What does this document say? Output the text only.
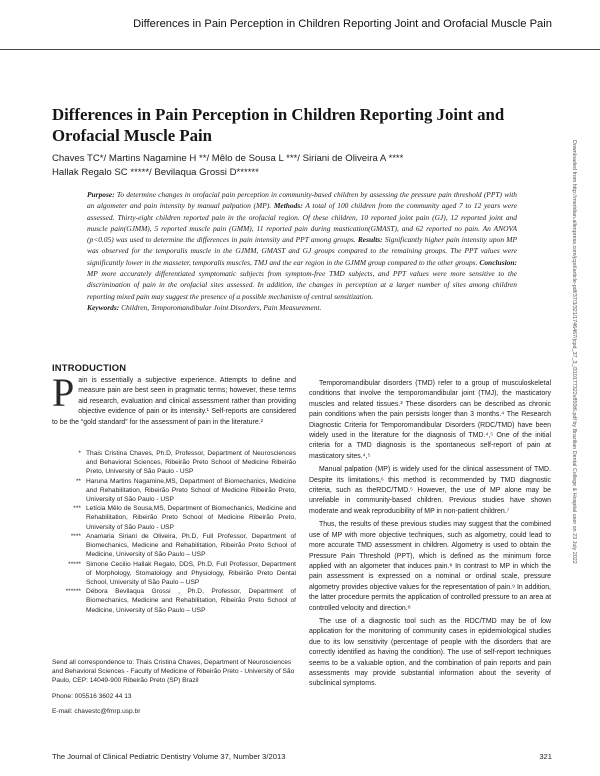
Differences in Pain Perception in Children Reporting Joint and Orofacial Muscle Pain
Differences in Pain Perception in Children Reporting Joint and Orofacial Muscle Pain
Chaves TC*/ Martins Nagamine H **/ Mêlo de Sousa L ***/ Siriani de Oliveira A ****
Hallak Regalo SC *****/ Bevilaqua Grossi D******
Purpose: To determine changes in orofacial pain perception in community-based children by assessing the pressure pain threshold (PPT) with an algometer and pain intensity by manual palpation (MP). Methods: A total of 100 children from the community aged 7 to 12 years were assessed. Thirty-eight children reported pain in the orofacial region. Of these children, 10 reported joint pain (GJ), 12 reported joint and muscle pain(GJMM), 5 reported muscle pain (GMM), 11 reported pain during mastication(GMAST), and 62 reported no pain. An ANOVA (p<0.05) was used to determine the differences in pain intensity and PPT among groups. Results: Significantly higher pain intensity upon MP was observed for the temporalis muscle in the GJMM, GMAST and GJ groups compared to the remaining groups. The PPT values were significantly lower in the masseter, temporalis muscles, TMJ and the ear region in the GJMM group compared to the other groups. Conclusion: MP more accurately differentiated symptomatic subjects from symptom-free TMD subjects, and PPT values were more sensitive to the discrimination of pain in the orofacial sites assessed. In addition, the changes in perception at a larger number of sites among children reporting mixed pain may suggest the presence of a possible mechanism of central sensitization.
Keywords: Children, Temporomandibular Joint Disorders, Pain Measurement.	Downloaded from http://meridian.allenpress.com/jcpd/article-pdf/37/3/321/1746467/jcpd_37_3_l310177322v850t6.pdf by Brazilian Dental College & Hospital user on 23 July 2022
INTRODUCTION
P ain is essentially a subjective experience. Attempts to define and measure pain are best seen in pragmatic terms; however, these terms aid research, evaluation and clinical assessment rather than providing objective evidence of pain or its intensity.¹ Self-reports are considered to be the “gold standard” for the assessment of pain in the literature.²
* Thais Cristina Chaves, Ph.D, Professor, Department of Neurosciences and Behavioral Sciences, Ribeirão Preto School of Medicine Ribeirão Preto, University of São Paulo - USP
** Haruna Martins Nagamine,MS, Department of Biomechanics, Medicine and Rehabilitation, Ribeirão Preto School of Medicine Ribeirão Preto, University of São Paulo - USP
*** Letícia Mêlo de Sousa,MS, Department of Biomechanics, Medicine and Rehabilitation, Ribeirão Preto School of Medicine Ribeirão Preto, University of São Paulo - USP
**** Anamaria Siriani de Oliveira, Ph.D, Full Professor, Department of Biomechanics, Medicine and Rehabilitation, Ribeirão Preto School of Medicine, University of São Paulo – USP
***** Simone Cecilio Hallak Regalo, DDS, Ph.D, Full Professor, Department of Morphology, Stomatology and Physiology, Ribeirão Preto Dental School, University of São Paulo – USP
****** Débora Bevilaqua Grossi , Ph.D, Professor, Department of Biomechanics, Medicine and Rehabilitation, Ribeirão Preto School of Medicine, University of São Paulo – USP
Send all correspondence to: Thais Cristina Chaves, Department of Neurosciences and Behavioral Sciences - Faculty of Medicine of Ribeirão Preto - University of São Paulo, CEP: 14049-900 Ribeirão Preto (SP) Brazil
Phone: 005516 3602 44 13
E-mail: chavestc@fmrp.usp.br

Temporomandibular disorders (TMD) refer to a group of musculoskeletal conditions that involve the temporomandibular joint (TMJ), the masticatory muscles and related tissues.³ These disorders can be described as chronic pain conditions when the pain persists longer than 3 months.⁴ The Research Diagnostic Criteria for Temporomandibular Disorders (RDC/TMD) have been widely used in the literature for the diagnosis of TMD.⁴,⁵ One of the initial criteria for a TMD diagnosis is the spontaneous self-report of pain at masticatory sites.⁴,⁵

Manual palpation (MP) is widely used for the clinical assessment of TMD. Despite its limitations,⁶ this method is recommended by TMD diagnostic criteria, such as theRDC/TMD.⁵ However, the use of MP alone may be unreliable in community-based children. Previous studies have shown moderate and weak reproducibility of MP in non-patient children.⁷

Thus, the results of these previous studies may suggest that the combined use of MP with more objective techniques, such as algometry, could lead to more accurate TMD assessment in children. Algometry is used to obtain the Pressure Pain Threshold (PPT), which is defined as the minimum force applied with an algometer that induces pain.⁸ In contrast to MP in which the pain assessment is expressed on a nominal or ordinal scale, pressure algometry provides objective values for the representation of pain.⁹ In addition, the latter procedure permits the application of controlled pressure to an area at controlled velocity and direction.⁸

The use of a diagnostic tool such as the RDC/TMD may be of low application for the monitoring of community cases in epidemiological studies due to its low sensitivity (percentage of people with the disorders that are correctly identified as having the condition). The use of self-report techniques seems to be a valuable option, and the combination of pain reports and pain assessments may provide substantial information about the severity of subclinical symptoms.

The Journal of Clinical Pediatric Dentistry Volume 37, Number 3/2013	321
